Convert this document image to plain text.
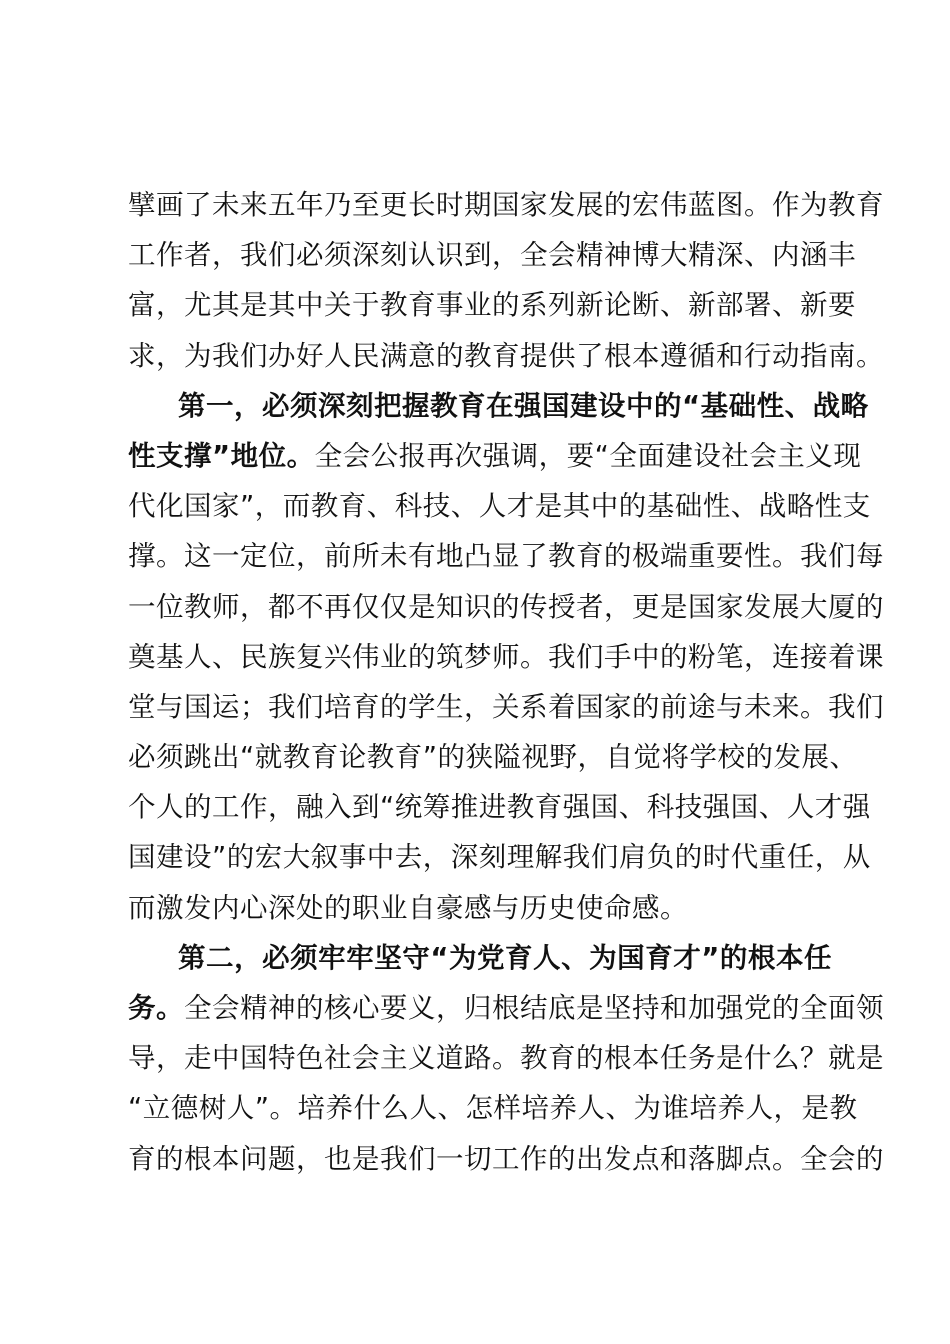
擘画了未来五年乃至更长时期国家发展的宏伟蓝图。作为教育
工作者，我们必须深刻认识到，全会精神博大精深、内涵丰
富，尤其是其中关于教育事业的系列新论断、新部署、新要
求，为我们办好人民满意的教育提供了根本遵循和行动指南。
第一，必须深刻把握教育在强国建设中的“基础性、战略
性支撑”地位。全会公报再次强调，要“全面建设社会主义现
代化国家”，而教育、科技、人才是其中的基础性、战略性支
撑。这一定位，前所未有地凸显了教育的极端重要性。我们每
一位教师，都不再仅仅是知识的传授者，更是国家发展大厦的
奠基人、民族复兴伟业的筑梦师。我们手中的粉笔，连接着课
堂与国运；我们培育的学生，关系着国家的前途与未来。我们
必须跳出“就教育论教育”的狭隘视野，自觉将学校的发展、
个人的工作，融入到“统筹推进教育强国、科技强国、人才强
国建设”的宏大叙事中去，深刻理解我们肩负的时代重任，从
而激发内心深处的职业自豪感与历史使命感。
第二，必须牢牢坚守“为党育人、为国育才”的根本任
务。全会精神的核心要义，归根结底是坚持和加强党的全面领
导，走中国特色社会主义道路。教育的根本任务是什么？就是
“立德树人”。培养什么人、怎样培养人、为谁培养人，是教
育的根本问题，也是我们一切工作的出发点和落脚点。全会的
